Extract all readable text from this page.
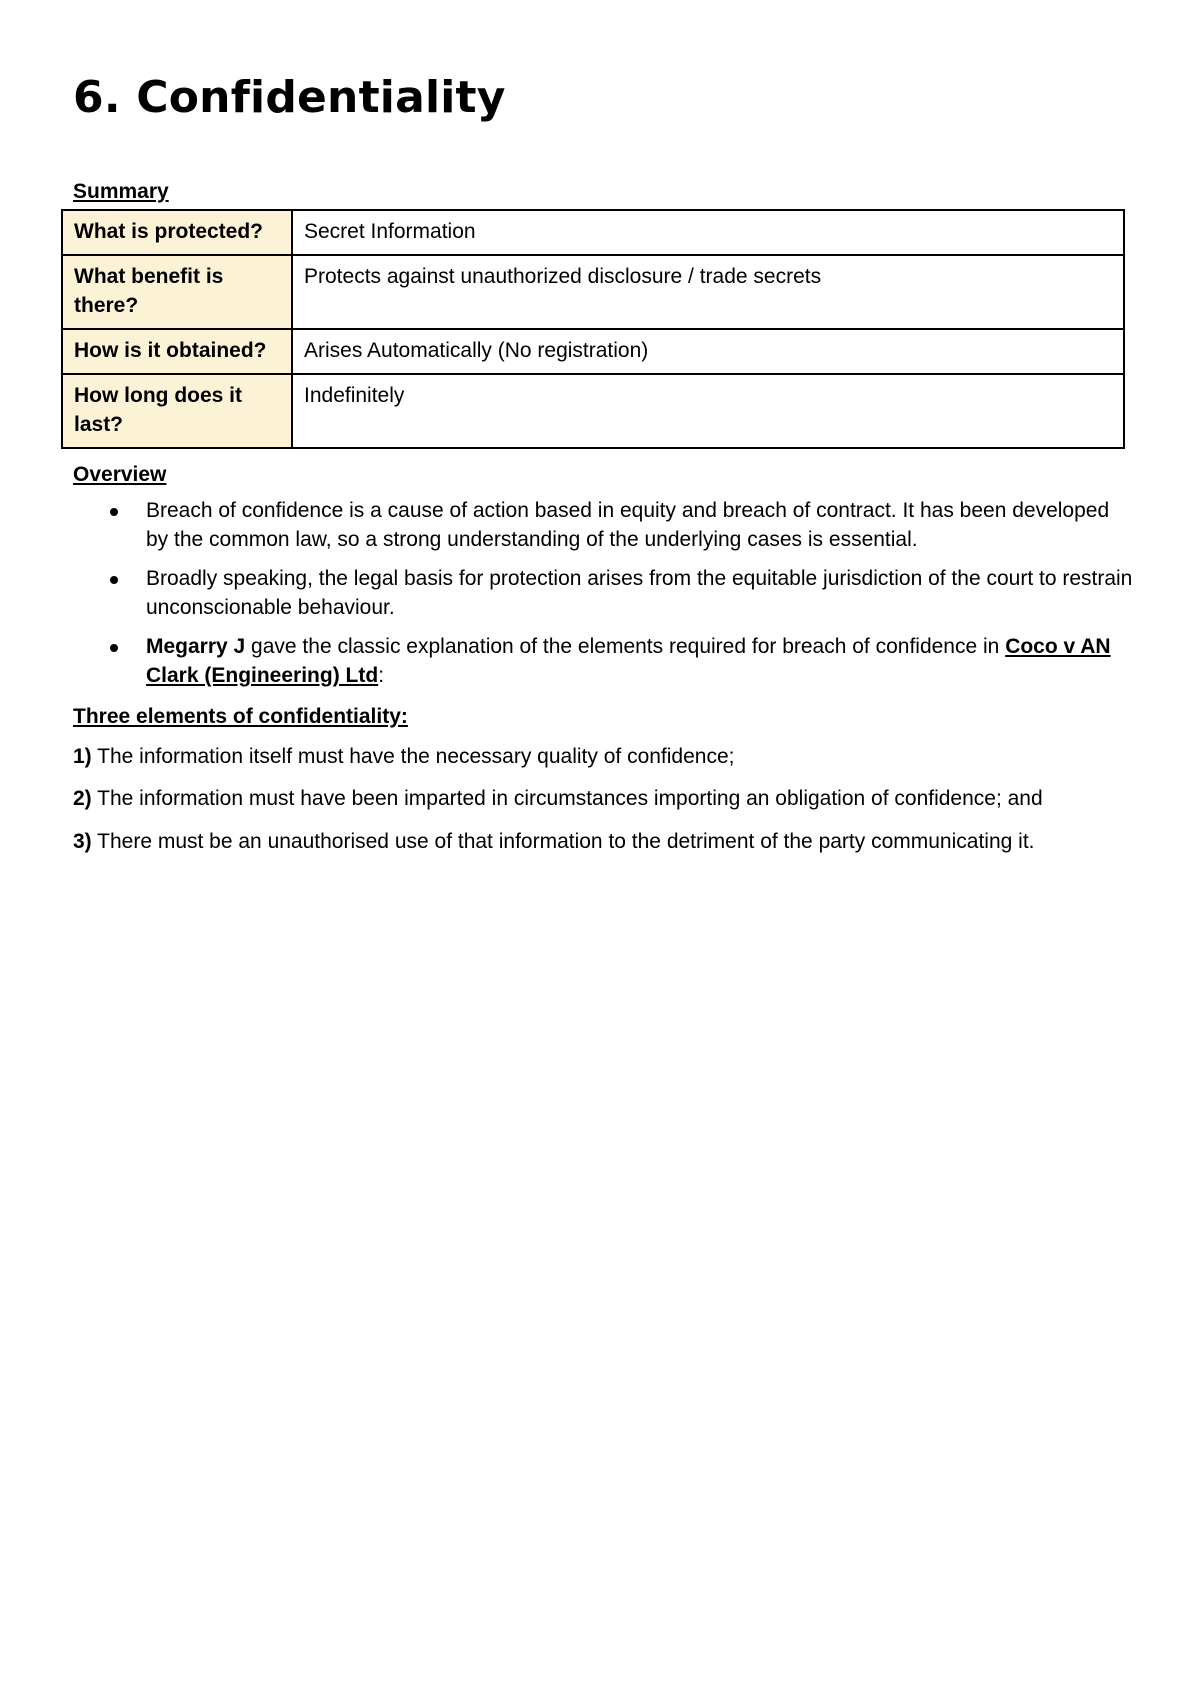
6. Confidentiality
Summary
What is protected?	Secret Information
What benefit is there?	Protects against unauthorized disclosure / trade secrets
How is it obtained?	Arises Automatically (No registration)
How long does it last?	Indefinitely
Overview
Breach of confidence is a cause of action based in equity and breach of contract. It has been developed by the common law, so a strong understanding of the underlying cases is essential.
Broadly speaking, the legal basis for protection arises from the equitable jurisdiction of the court to restrain unconscionable behaviour.
Megarry J gave the classic explanation of the elements required for breach of confidence in Coco v AN Clark (Engineering) Ltd:
Three elements of confidentiality:
1) The information itself must have the necessary quality of confidence;
2) The information must have been imparted in circumstances importing an obligation of confidence; and
3) There must be an unauthorised use of that information to the detriment of the party communicating it.
